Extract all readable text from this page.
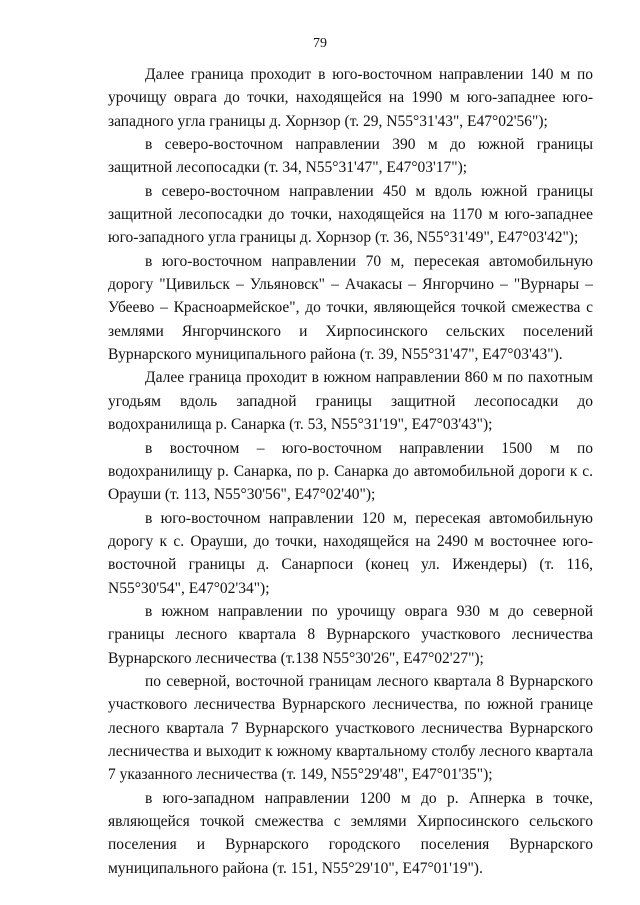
79

Далее граница проходит в юго-восточном направлении 140 м по урочищу оврага до точки, находящейся на 1990 м юго-западнее юго-западного угла границы д. Хорнзор (т. 29, N55°31'43", E47°02'56");

в северо-восточном направлении 390 м до южной границы защитной лесопосадки (т. 34, N55°31'47", E47°03'17");

в северо-восточном направлении 450 м вдоль южной границы защитной лесопосадки до точки, находящейся на 1170 м юго-западнее юго-западного угла границы д. Хорнзор (т. 36, N55°31'49", E47°03'42");

в юго-восточном направлении 70 м, пересекая автомобильную дорогу "Цивильск – Ульяновск" – Ачакасы – Янгорчино – "Вурнары – Убеево – Красноармейское", до точки, являющейся точкой смежества с землями Янгорчинского и Хирпосинского сельских поселений Вурнарского муниципального района (т. 39, N55°31'47", E47°03'43").

Далее граница проходит в южном направлении 860 м по пахотным угодьям вдоль западной границы защитной лесопосадки до водохранилища р. Санарка (т. 53, N55°31'19", E47°03'43");

в восточном – юго-восточном направлении 1500 м по водохранилищу р. Санарка, по р. Санарка до автомобильной дороги к с. Орауши (т. 113, N55°30'56", E47°02'40");

в юго-восточном направлении 120 м, пересекая автомобильную дорогу к с. Орауши, до точки, находящейся на 2490 м восточнее юго-восточной границы д. Санарпоси (конец ул. Ижендеры) (т. 116, N55°30'54", E47°02'34");

в южном направлении по урочищу оврага 930 м до северной границы лесного квартала 8 Вурнарского участкового лесничества Вурнарского лесничества (т.138 N55°30'26", E47°02'27");

по северной, восточной границам лесного квартала 8 Вурнарского участкового лесничества Вурнарского лесничества, по южной границе лесного квартала 7 Вурнарского участкового лесничества Вурнарского лесничества и выходит к южному квартальному столбу лесного квартала 7 указанного лесничества (т. 149, N55°29'48", E47°01'35");

в юго-западном направлении 1200 м до р. Апнерка в точке, являющейся точкой смежества с землями Хирпосинского сельского поселения и Вурнарского городского поселения Вурнарского муниципального района (т. 151, N55°29'10", E47°01'19").
